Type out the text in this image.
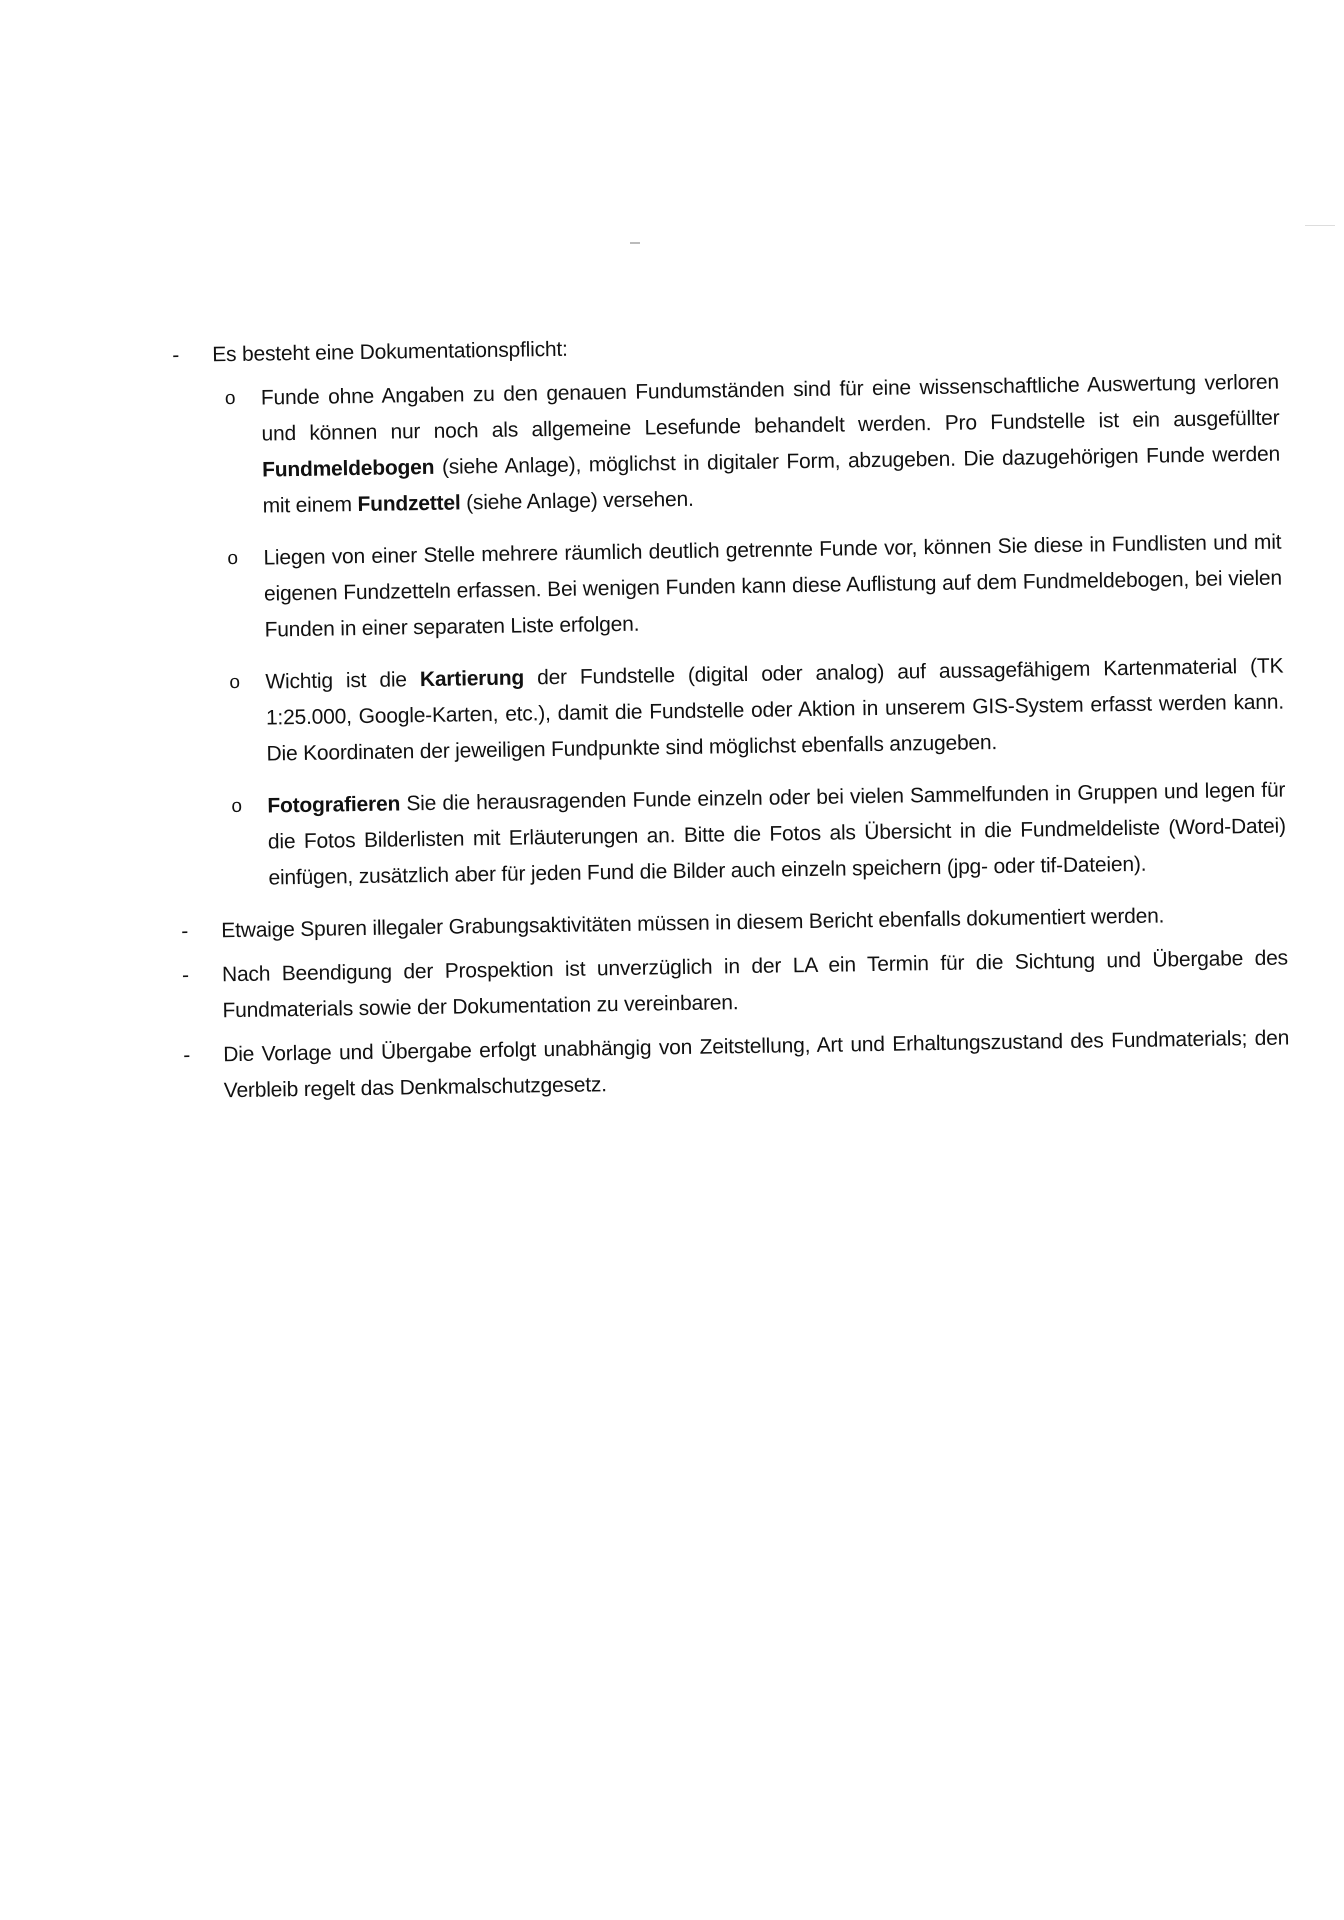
- Es besteht eine Dokumentationspflicht:
o Funde ohne Angaben zu den genauen Fundumständen sind für eine wissenschaftliche Auswertung verloren und können nur noch als allgemeine Lesefunde behandelt werden. Pro Fundstelle ist ein ausgefüllter Fundmeldebogen (siehe Anlage), möglichst in digitaler Form, abzugeben. Die dazugehörigen Funde werden mit einem Fundzettel (siehe Anlage) versehen.
o Liegen von einer Stelle mehrere räumlich deutlich getrennte Funde vor, können Sie diese in Fundlisten und mit eigenen Fundzetteln erfassen. Bei wenigen Funden kann diese Auflistung auf dem Fundmeldebogen, bei vielen Funden in einer separaten Liste erfolgen.
o Wichtig ist die Kartierung der Fundstelle (digital oder analog) auf aussagefähigem Kartenmaterial (TK 1:25.000, Google-Karten, etc.), damit die Fundstelle oder Aktion in unserem GIS-System erfasst werden kann. Die Koordinaten der jeweiligen Fundpunkte sind möglichst ebenfalls anzugeben.
o Fotografieren Sie die herausragenden Funde einzeln oder bei vielen Sammelfunden in Gruppen und legen für die Fotos Bilderlisten mit Erläuterungen an. Bitte die Fotos als Übersicht in die Fundmeldeliste (Word-Datei) einfügen, zusätzlich aber für jeden Fund die Bilder auch einzeln speichern (jpg- oder tif-Dateien).
- Etwaige Spuren illegaler Grabungsaktivitäten müssen in diesem Bericht ebenfalls dokumentiert werden.
- Nach Beendigung der Prospektion ist unverzüglich in der LA ein Termin für die Sichtung und Übergabe des Fundmaterials sowie der Dokumentation zu vereinbaren.
- Die Vorlage und Übergabe erfolgt unabhängig von Zeitstellung, Art und Erhaltungszustand des Fundmaterials; den Verbleib regelt das Denkmalschutzgesetz.
